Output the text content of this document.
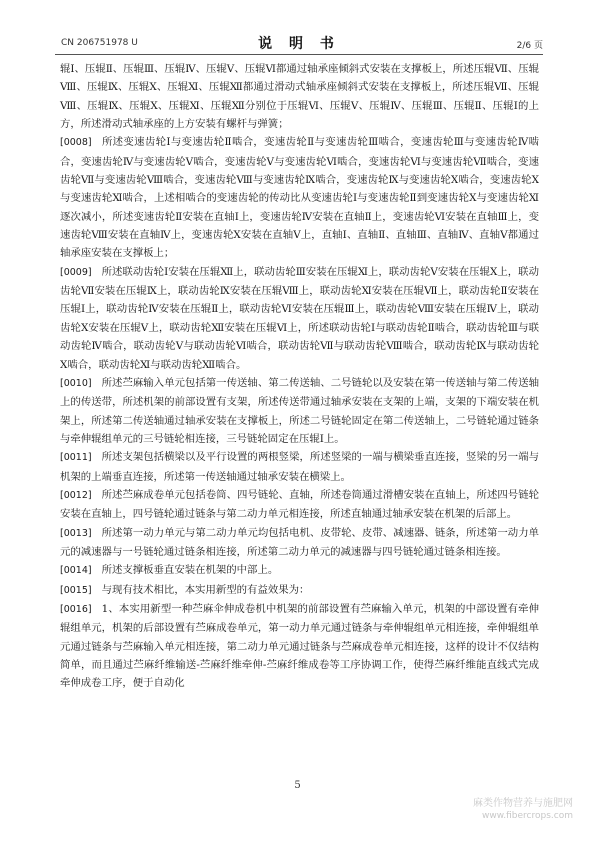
CN 206751978 U	说 明 书	2/6 页

辊Ⅰ、压辊Ⅱ、压辊Ⅲ、压辊Ⅳ、压辊Ⅴ、压辊Ⅵ都通过轴承座倾斜式安装在支撑板上，所述压辊Ⅶ、压辊Ⅷ、压辊Ⅸ、压辊Ⅹ、压辊Ⅺ、压辊Ⅻ都通过滑动式轴承座倾斜式安装在支撑板上，所述压辊Ⅶ、压辊Ⅷ、压辊Ⅸ、压辊Ⅹ、压辊Ⅺ、压辊Ⅻ分别位于压辊Ⅵ、压辊Ⅴ、压辊Ⅳ、压辊Ⅲ、压辊Ⅱ、压辊Ⅰ的上方，所述滑动式轴承座的上方安装有螺杆与弹簧；

[0008] 所述变速齿轮Ⅰ与变速齿轮Ⅱ啮合，变速齿轮Ⅱ与变速齿轮Ⅲ啮合，变速齿轮Ⅲ与变速齿轮Ⅳ啮合，变速齿轮Ⅳ与变速齿轮Ⅴ啮合，变速齿轮Ⅴ与变速齿轮Ⅵ啮合，变速齿轮Ⅵ与变速齿轮Ⅶ啮合，变速齿轮Ⅶ与变速齿轮Ⅷ啮合，变速齿轮Ⅷ与变速齿轮Ⅸ啮合，变速齿轮Ⅸ与变速齿轮Ⅹ啮合，变速齿轮Ⅹ与变速齿轮Ⅺ啮合，上述相啮合的变速齿轮的传动比从变速齿轮Ⅰ与变速齿轮Ⅱ到变速齿轮Ⅹ与变速齿轮Ⅺ逐次减小，所述变速齿轮Ⅱ安装在直轴Ⅰ上，变速齿轮Ⅳ安装在直轴Ⅱ上，变速齿轮Ⅵ安装在直轴Ⅲ上，变速齿轮Ⅷ安装在直轴Ⅳ上，变速齿轮Ⅹ安装在直轴Ⅴ上，直轴Ⅰ、直轴Ⅱ、直轴Ⅲ、直轴Ⅳ、直轴Ⅴ都通过轴承座安装在支撑板上；

[0009] 所述联动齿轮Ⅰ安装在压辊Ⅻ上，联动齿轮Ⅲ安装在压辊Ⅺ上，联动齿轮Ⅴ安装在压辊Ⅹ上，联动齿轮Ⅶ安装在压辊Ⅸ上，联动齿轮Ⅸ安装在压辊Ⅷ上，联动齿轮Ⅺ安装在压辊Ⅶ上，联动齿轮Ⅱ安装在压辊Ⅰ上，联动齿轮Ⅳ安装在压辊Ⅱ上，联动齿轮Ⅵ安装在压辊Ⅲ上，联动齿轮Ⅷ安装在压辊Ⅳ上，联动齿轮Ⅹ安装在压辊Ⅴ上，联动齿轮Ⅻ安装在压辊Ⅵ上，所述联动齿轮Ⅰ与联动齿轮Ⅱ啮合，联动齿轮Ⅲ与联动齿轮Ⅳ啮合，联动齿轮Ⅴ与联动齿轮Ⅵ啮合，联动齿轮Ⅶ与联动齿轮Ⅷ啮合，联动齿轮Ⅸ与联动齿轮Ⅹ啮合，联动齿轮Ⅺ与联动齿轮Ⅻ啮合。

[0010] 所述苎麻输入单元包括第一传送轴、第二传送轴、二号链轮以及安装在第一传送轴与第二传送轴上的传送带，所述机架的前部设置有支架，所述传送带通过轴承安装在支架的上端，支架的下端安装在机架上，所述第二传送轴通过轴承安装在支撑板上，所述二号链轮固定在第二传送轴上，二号链轮通过链条与牵伸辊组单元的三号链轮相连接，三号链轮固定在压辊Ⅰ上。

[0011] 所述支架包括横梁以及平行设置的两根竖梁，所述竖梁的一端与横梁垂直连接，竖梁的另一端与机架的上端垂直连接，所述第一传送轴通过轴承安装在横梁上。

[0012] 所述苎麻成卷单元包括卷筒、四号链轮、直轴，所述卷筒通过滑槽安装在直轴上，所述四号链轮安装在直轴上，四号链轮通过链条与第二动力单元相连接，所述直轴通过轴承安装在机架的后部上。

[0013] 所述第一动力单元与第二动力单元均包括电机、皮带轮、皮带、减速器、链条，所述第一动力单元的减速器与一号链轮通过链条相连接，所述第二动力单元的减速器与四号链轮通过链条相连接。

[0014] 所述支撑板垂直安装在机架的中部上。

[0015] 与现有技术相比，本实用新型的有益效果为：

[0016] 1、本实用新型一种苎麻伞伸成卷机中机架的前部设置有苎麻输入单元，机架的中部设置有牵伸辊组单元，机架的后部设置有苎麻成卷单元，第一动力单元通过链条与牵伸辊组单元相连接，牵伸辊组单元通过链条与苎麻输入单元相连接，第二动力单元通过链条与苎麻成卷单元相连接，这样的设计不仅结构简单，而且通过苎麻纤维输送-苎麻纤维牵伸-苎麻纤维成卷等工序协调工作，使得苎麻纤维能直线式完成牵伸成卷工序，便于自动化

5
麻类作物营养与施肥网
www.fibercrops.com
